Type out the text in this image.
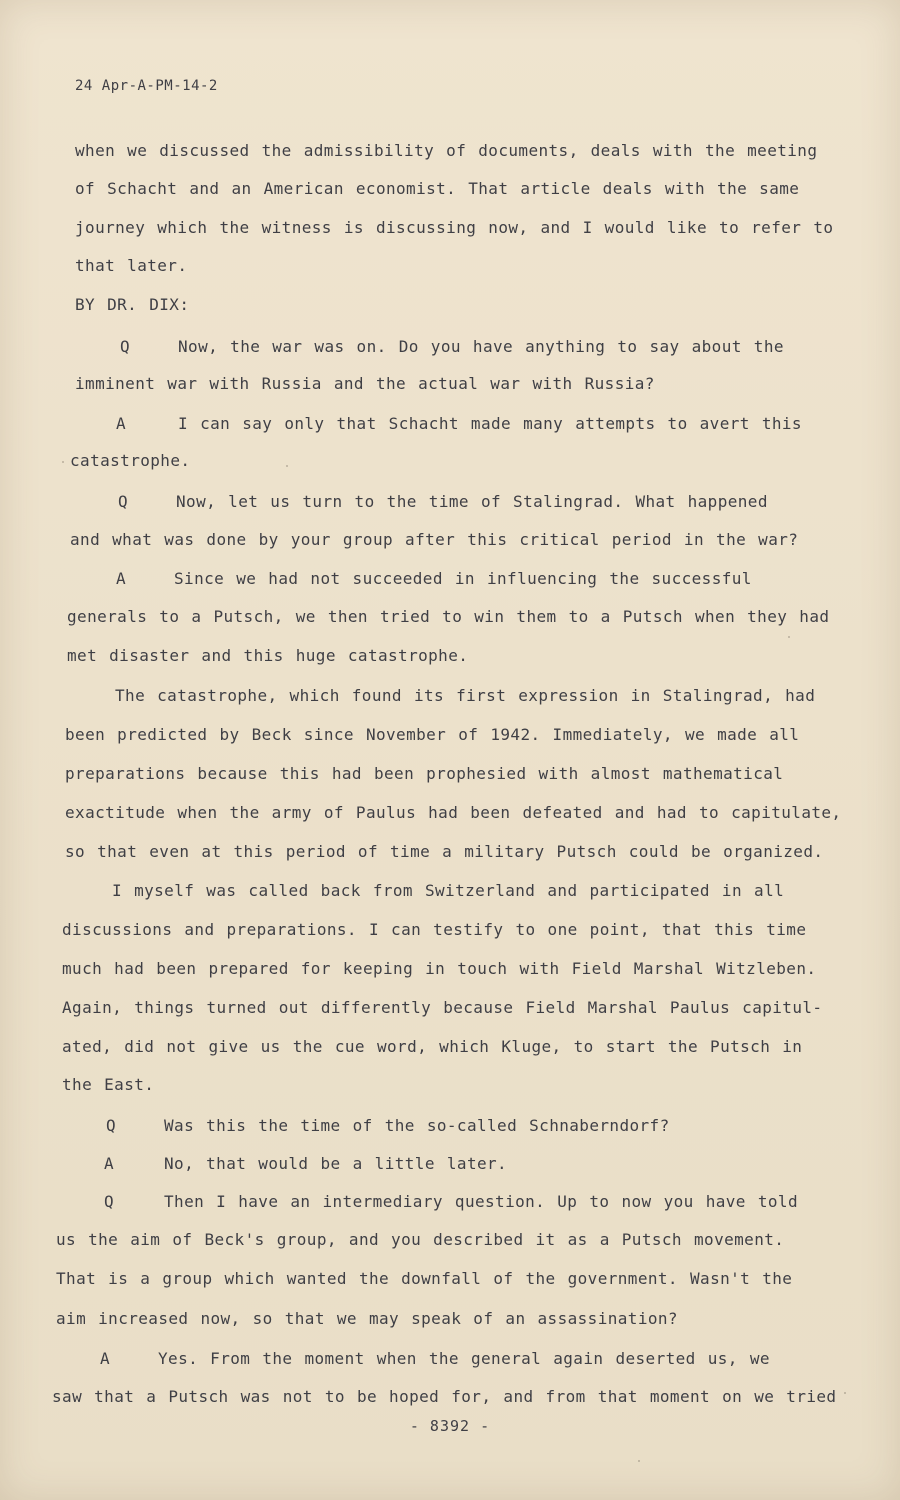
24 Apr-A-PM-14-2
when we discussed the admissibility of documents, deals with the meeting
of Schacht and an American economist. That article deals with the same
journey which the witness is discussing now, and I would like to refer to
that later.
BY DR. DIX:
Q	Now, the war was on. Do you have anything to say about the
imminent war with Russia and the actual war with Russia?
A	I can say only that Schacht made many attempts to avert this
catastrophe.
Q	Now, let us turn to the time of Stalingrad. What happened
and what was done by your group after this critical period in the war?
A	Since we had not succeeded in influencing the successful
generals to a Putsch, we then tried to win them to a Putsch when they had
met disaster and this huge catastrophe.
The catastrophe, which found its first expression in Stalingrad, had
been predicted by Beck since November of 1942. Immediately, we made all
preparations because this had been prophesied with almost mathematical
exactitude when the army of Paulus had been defeated and had to capitulate,
so that even at this period of time a military Putsch could be organized.
I myself was called back from Switzerland and participated in all
discussions and preparations. I can testify to one point, that this time
much had been prepared for keeping in touch with Field Marshal Witzleben.
Again, things turned out differently because Field Marshal Paulus capitul-
ated, did not give us the cue word, which Kluge, to start the Putsch in
the East.
Q	Was this the time of the so-called Schnaberndorf?
A	No, that would be a little later.
Q	Then I have an intermediary question. Up to now you have told
us the aim of Beck's group, and you described it as a Putsch movement.
That is a group which wanted the downfall of the government. Wasn't the
aim increased now, so that we may speak of an assassination?
A	Yes. From the moment when the general again deserted us, we
saw that a Putsch was not to be hoped for, and from that moment on we tried
- 8392 -
